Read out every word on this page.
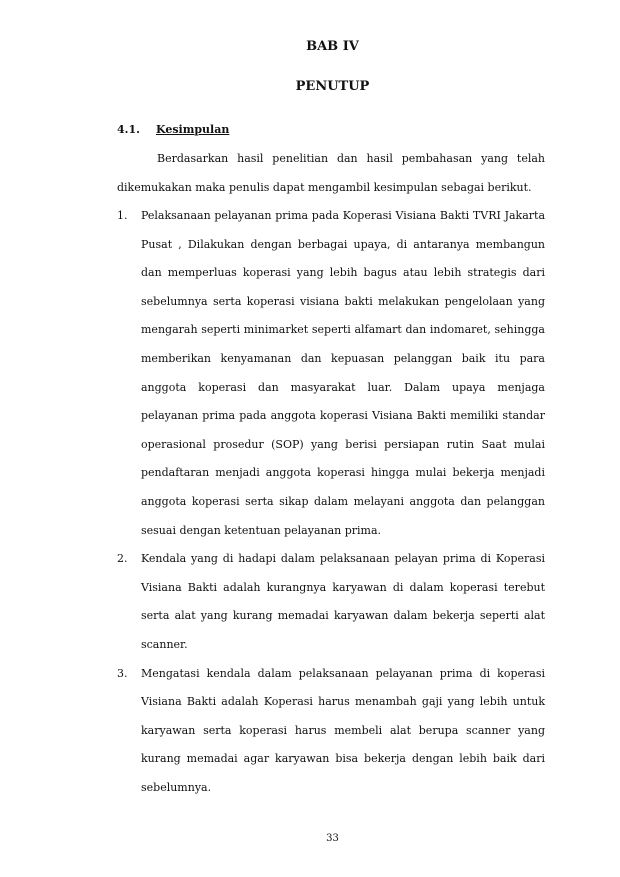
BAB IV
PENUTUP
4.1. Kesimpulan
Berdasarkan hasil penelitian dan hasil pembahasan yang telah dikemukakan maka penulis dapat mengambil kesimpulan sebagai berikut.
1. Pelaksanaan pelayanan prima pada Koperasi Visiana Bakti TVRI Jakarta Pusat , Dilakukan dengan berbagai upaya, di antaranya membangun dan memperluas koperasi yang lebih bagus atau lebih strategis dari sebelumnya serta koperasi visiana bakti melakukan pengelolaan yang mengarah seperti minimarket seperti alfamart dan indomaret, sehingga memberikan kenyamanan dan kepuasan pelanggan baik itu para anggota koperasi dan masyarakat luar. Dalam upaya menjaga pelayanan prima pada anggota koperasi Visiana Bakti memiliki standar operasional prosedur (SOP) yang berisi persiapan rutin Saat mulai pendaftaran menjadi anggota koperasi hingga mulai bekerja menjadi anggota koperasi serta sikap dalam melayani anggota dan pelanggan sesuai dengan ketentuan pelayanan prima.
2. Kendala yang di hadapi dalam pelaksanaan pelayan prima di Koperasi Visiana Bakti adalah kurangnya karyawan di dalam koperasi terebut serta alat yang kurang memadai karyawan dalam bekerja seperti alat scanner.
3. Mengatasi kendala dalam pelaksanaan pelayanan prima di koperasi Visiana Bakti adalah Koperasi harus menambah gaji yang lebih untuk karyawan serta koperasi harus membeli alat berupa scanner yang kurang memadai agar karyawan bisa bekerja dengan lebih baik dari sebelumnya.
33
